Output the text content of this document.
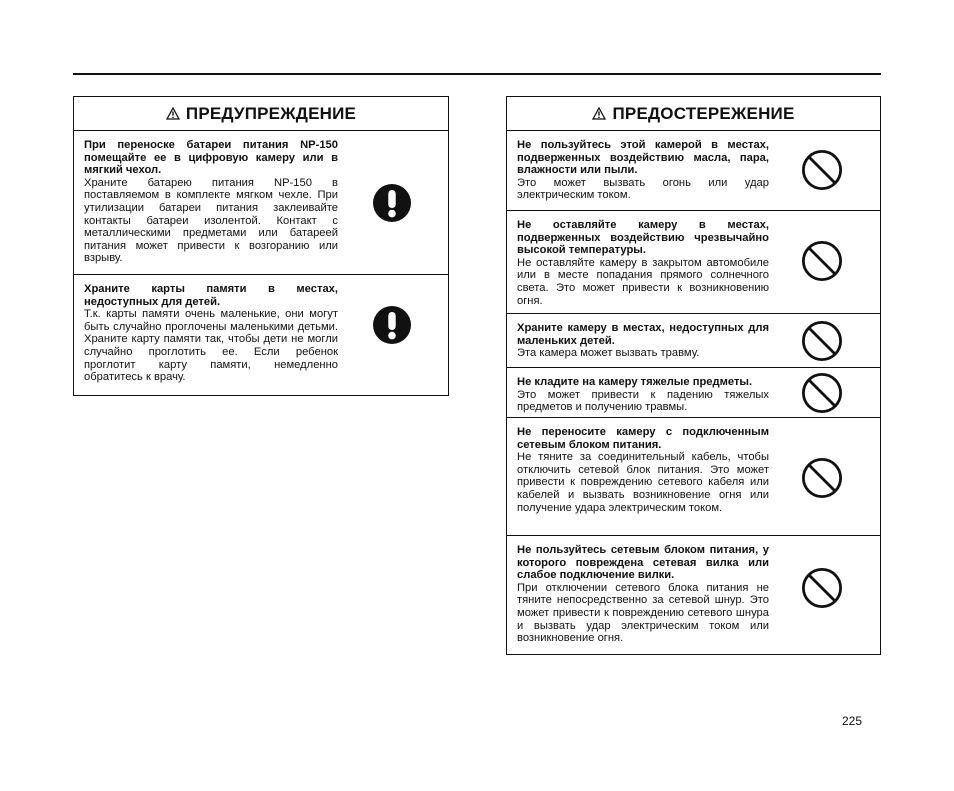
ПРЕДУПРЕЖДЕНИЕ
При переноске батареи питания NP-150 помещайте ее в цифровую камеру или в мягкий чехол.
Храните батарею питания NP-150 в поставляемом в комплекте мягком чехле. При утилизации батареи питания заклеивайте контакты батареи изолентой. Контакт с металлическими предметами или батареей питания может привести к возгоранию или взрыву.
Храните карты памяти в местах, недоступных для детей.
Т.к. карты памяти очень маленькие, они могут быть случайно проглочены маленькими детьми. Храните карту памяти так, чтобы дети не могли случайно проглотить ее. Если ребенок проглотит карту памяти, немедленно обратитесь к врачу.
ПРЕДОСТЕРЕЖЕНИЕ
Не пользуйтесь этой камерой в местах, подверженных воздействию масла, пара, влажности или пыли.
Это может вызвать огонь или удар электрическим током.
Не оставляйте камеру в местах, подверженных воздействию чрезвычайно высокой температуры.
Не оставляйте камеру в закрытом автомобиле или в месте попадания прямого солнечного света. Это может привести к возникновению огня.
Храните камеру в местах, недоступных для маленьких детей.
Эта камера может вызвать травму.
Не кладите на камеру тяжелые предметы.
Это может привести к падению тяжелых предметов и получению травмы.
Не переносите камеру с подключенным сетевым блоком питания.
Не тяните за соединительный кабель, чтобы отключить сетевой блок питания. Это может привести к повреждению сетевого кабеля или кабелей и вызвать возникновение огня или получение удара электрическим током.
Не пользуйтесь сетевым блоком питания, у которого повреждена сетевая вилка или слабое подключение вилки.
При отключении сетевого блока питания не тяните непосредственно за сетевой шнур. Это может привести к повреждению сетевого шнура и вызвать удар электрическим током или возникновение огня.
225
